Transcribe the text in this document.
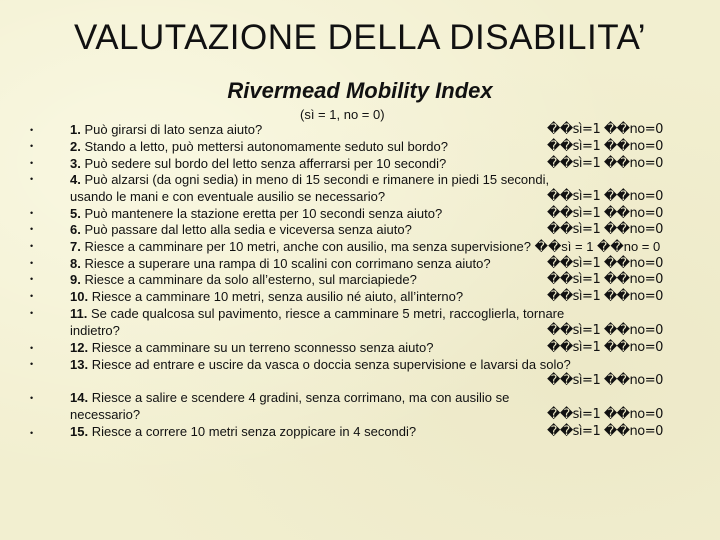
VALUTAZIONE DELLA DISABILITA’
Rivermead Mobility Index
(sì = 1, no = 0)
•
•
•
•
•
•
•
•
•
•
•
•
•
•
•
1. Può girarsi di lato senza aiuto?	��sì=1 ��no=0
2. Stando a letto, può mettersi autonomamente seduto sul bordo?	��sì=1 ��no=0
3. Può sedere sul bordo del letto senza afferrarsi per 10 secondi?	��sì=1 ��no=0
4. Può alzarsi (da ogni sedia) in meno di 15 secondi e rimanere in piedi 15 secondi,
usando le mani e con eventuale ausilio se necessario?	��sì=1 ��no=0
5. Può mantenere la stazione eretta per 10 secondi senza aiuto?	��sì=1 ��no=0
6. Può passare dal letto alla sedia e viceversa senza aiuto?	��sì=1 ��no=0
7. Riesce a camminare per 10 metri, anche con ausilio, ma senza supervisione? ��sì = 1 ��no = 0
8. Riesce a superare una rampa di 10 scalini con corrimano senza aiuto?	��sì=1 ��no=0
9. Riesce a camminare da solo all’esterno, sul marciapiede?	��sì=1 ��no=0
10. Riesce a camminare 10 metri, senza ausilio né aiuto, all’interno?	��sì=1 ��no=0
11. Se cade qualcosa sul pavimento, riesce a camminare 5 metri, raccoglierla, tornare
indietro?	��sì=1 ��no=0
12. Riesce a camminare su un terreno sconnesso senza aiuto?	��sì=1 ��no=0
13. Riesce ad entrare e uscire da vasca o doccia senza supervisione e lavarsi da solo?
��sì=1 ��no=0
14. Riesce a salire e scendere 4 gradini, senza corrimano, ma con ausilio se
necessario?	��sì=1 ��no=0
15. Riesce a correre 10 metri senza zoppicare in 4 secondi?	��sì=1 ��no=0
